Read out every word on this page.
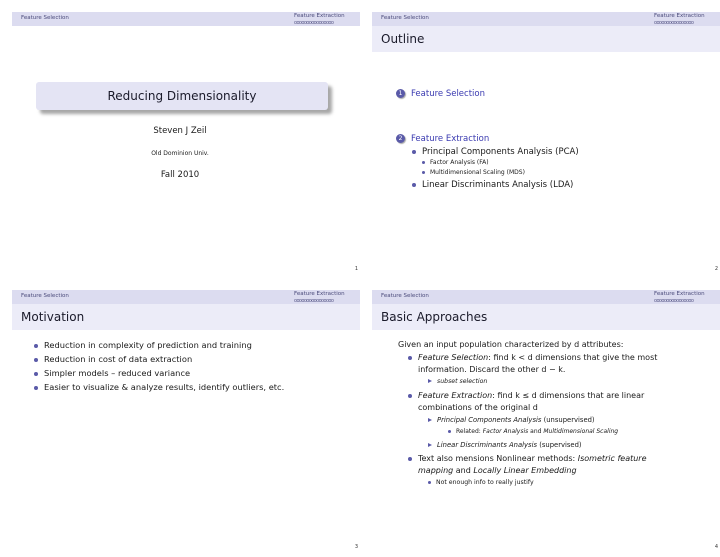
Feature Selection	Feature Extraction
oooooooooooooooo
Reducing Dimensionality
Steven J Zeil
Old Dominion Univ.
Fall 2010
1
Feature Selection	Feature Extraction
oooooooooooooooo
Outline
1 Feature Selection
2 Feature Extraction
Principal Components Analysis (PCA)
Factor Analysis (FA)
Multidimensional Scaling (MDS)
Linear Discriminants Analysis (LDA)
2
Feature Selection	Feature Extraction
oooooooooooooooo
Motivation
Reduction in complexity of prediction and training
Reduction in cost of data extraction
Simpler models – reduced variance
Easier to visualize & analyze results, identify outliers, etc.
3
Feature Selection	Feature Extraction
oooooooooooooooo
Basic Approaches
Given an input population characterized by d attributes:
Feature Selection: find k < d dimensions that give the most
information. Discard the other d − k.
subset selection
Feature Extraction: find k ≤ d dimensions that are linear
combinations of the original d
Principal Components Analysis (unsupervised)
Related: Factor Analysis and Multidimensional Scaling
Linear Discriminants Analysis (supervised)
Text also mensions Nonlinear methods: Isometric feature
mapping and Locally Linear Embedding
Not enough info to really justify
4
